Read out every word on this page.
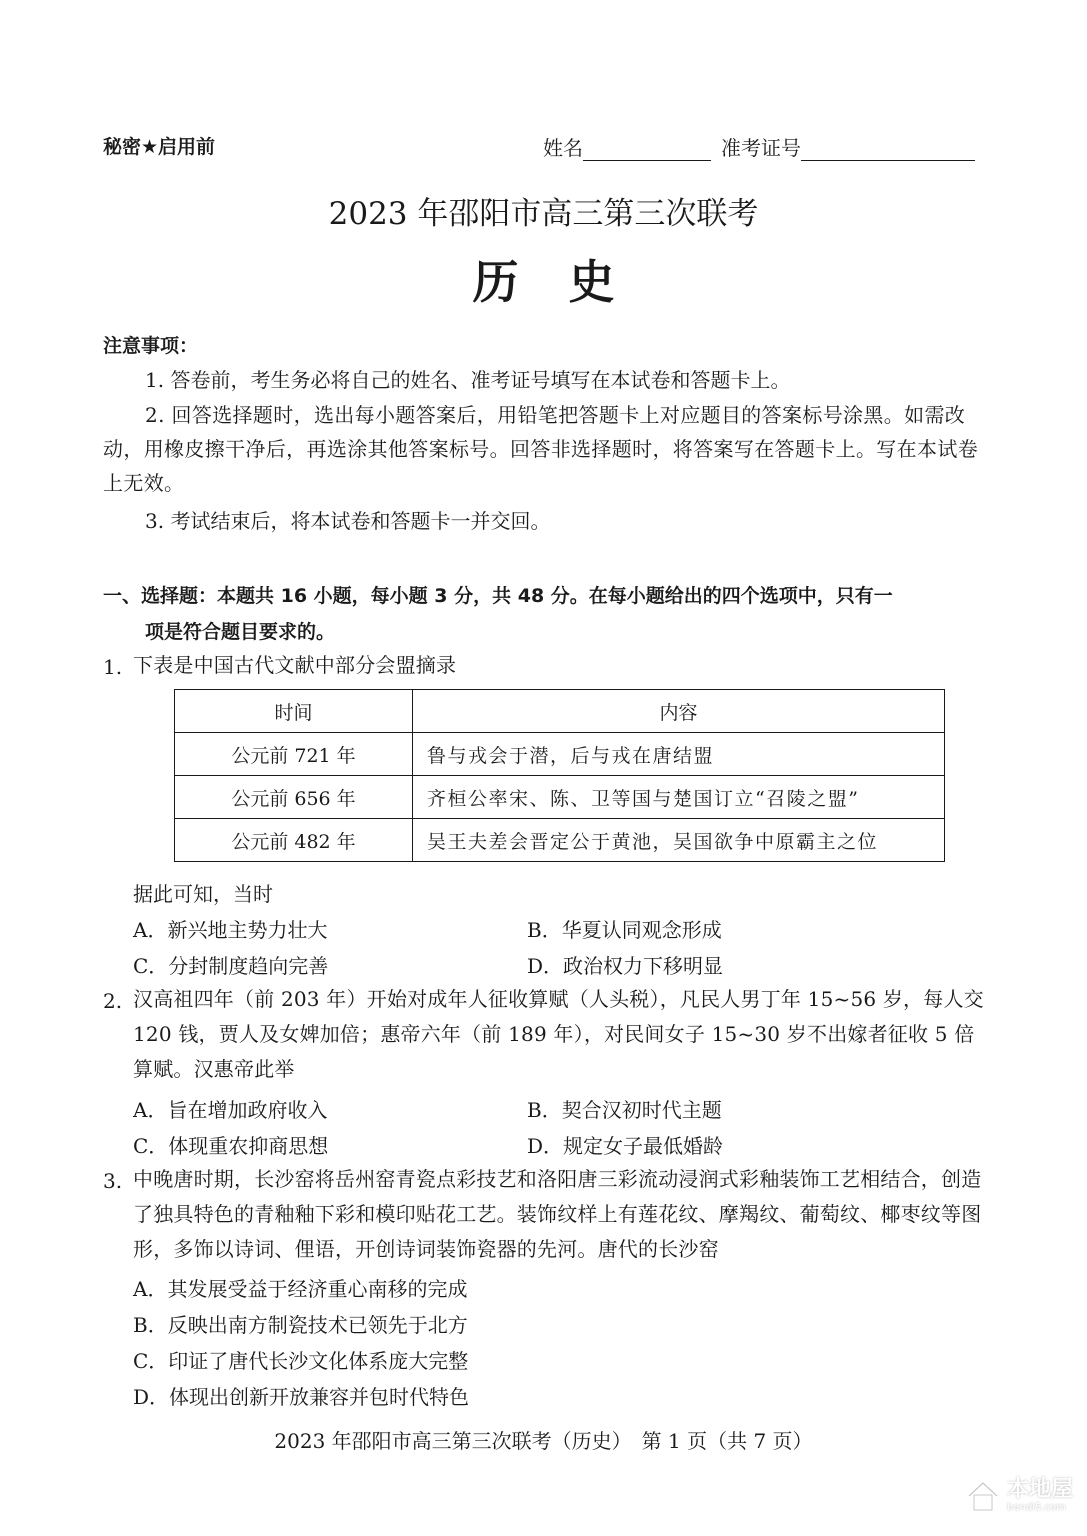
秘密★启用前	姓名	准考证号
2023 年邵阳市高三第三次联考
历史
注意事项：
1. 答卷前，考生务必将自己的姓名、准考证号填写在本试卷和答题卡上。
2. 回答选择题时，选出每小题答案后，用铅笔把答题卡上对应题目的答案标号涂黑。如需改动，用橡皮擦干净后，再选涂其他答案标号。回答非选择题时，将答案写在答题卡上。写在本试卷上无效。
3. 考试结束后，将本试卷和答题卡一并交回。
一、选择题：本题共 16 小题，每小题 3 分，共 48 分。在每小题给出的四个选项中，只有一
项是符合题目要求的。
1. 下表是中国古代文献中部分会盟摘录
时间	内容
公元前 721 年	鲁与戎会于潜，后与戎在唐结盟
公元前 656 年	齐桓公率宋、陈、卫等国与楚国订立“召陵之盟”
公元前 482 年	吴王夫差会晋定公于黄池，吴国欲争中原霸主之位
据此可知，当时
A．新兴地主势力壮大	B．华夏认同观念形成
C．分封制度趋向完善	D．政治权力下移明显
2. 汉高祖四年（前 203 年）开始对成年人征收算赋（人头税），凡民人男丁年 15~56 岁，每人交 120 钱，贾人及女婢加倍；惠帝六年（前 189 年），对民间女子 15~30 岁不出嫁者征收 5 倍算赋。汉惠帝此举
A．旨在增加政府收入	B．契合汉初时代主题
C．体现重农抑商思想	D．规定女子最低婚龄
3. 中晚唐时期，长沙窑将岳州窑青瓷点彩技艺和洛阳唐三彩流动浸润式彩釉装饰工艺相结合，创造了独具特色的青釉釉下彩和模印贴花工艺。装饰纹样上有莲花纹、摩羯纹、葡萄纹、椰枣纹等图形，多饰以诗词、俚语，开创诗词装饰瓷器的先河。唐代的长沙窑
A．其发展受益于经济重心南移的完成
B．反映出南方制瓷技术已领先于北方
C．印证了唐代长沙文化体系庞大完整
D．体现出创新开放兼容并包时代特色
2023 年邵阳市高三第三次联考（历史）　第 1 页（共 7 页）
本地屋
bendi5.com
